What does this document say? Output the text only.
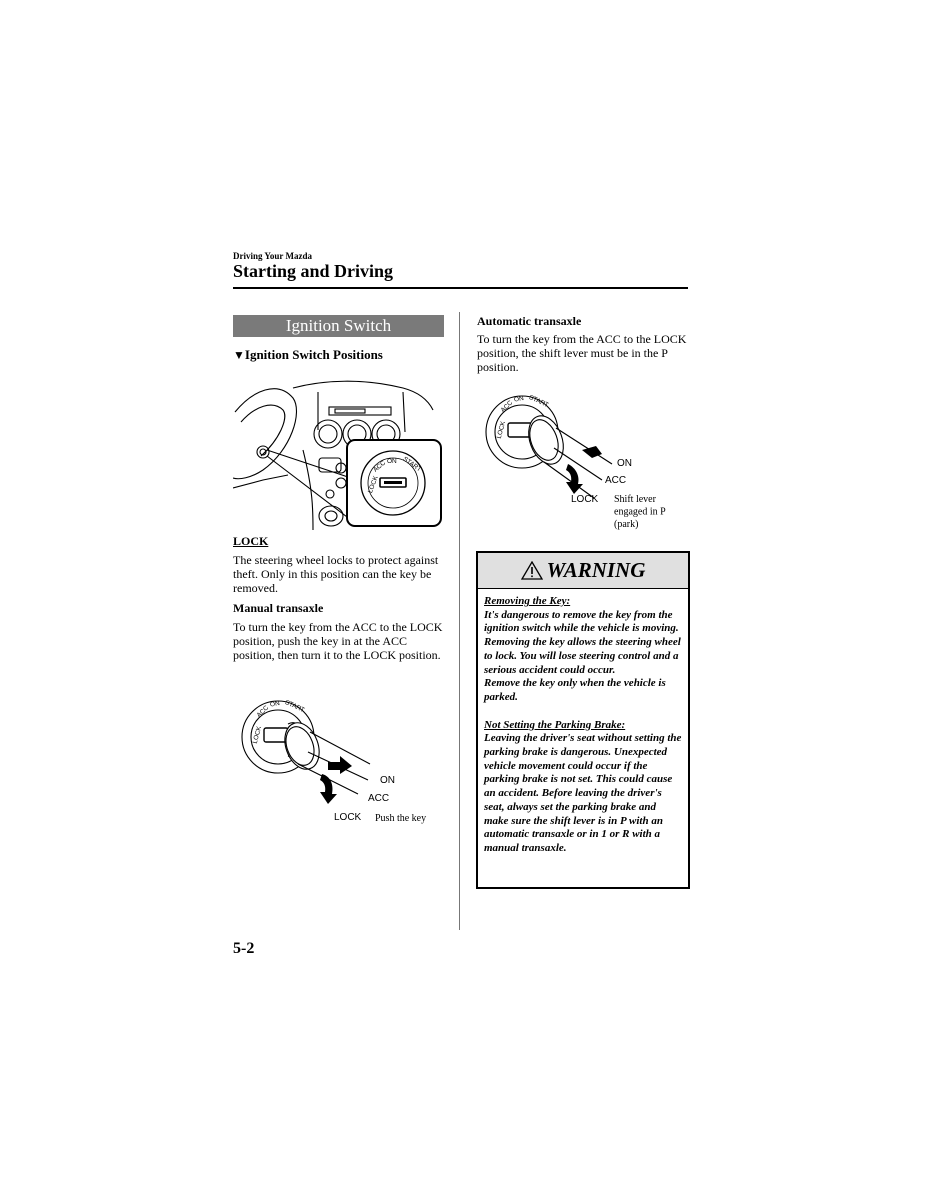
Driving Your Mazda
Starting and Driving
Ignition Switch
▼Ignition Switch Positions
LOCK
ACC ON START
LOCK
The steering wheel locks to protect against theft. Only in this position can the key be removed.
Manual transaxle
To turn the key from the ACC to the LOCK position, push the key in at the ACC position, then turn it to the LOCK position.
LOCK
ACC
ON START
ON
ACC
LOCK Push the key
Automatic transaxle
To turn the key from the ACC to the LOCK position, the shift lever must be in the P position.
LOCK
ACC
ON START
ON
ACC
LOCK Shift lever
engaged in P
(park)
WARNING
Removing the Key:

It's dangerous to remove the key from the ignition switch while the vehicle is moving. Removing the key allows the steering wheel to lock. You will lose steering control and a serious accident could occur.

Remove the key only when the vehicle is parked.

Not Setting the Parking Brake:

Leaving the driver's seat without setting the parking brake is dangerous. Unexpected vehicle movement could occur if the parking brake is not set. This could cause an accident. Before leaving the driver's seat, always set the parking brake and make sure the shift lever is in P with an automatic transaxle or in 1 or R with a manual transaxle.

5-2
